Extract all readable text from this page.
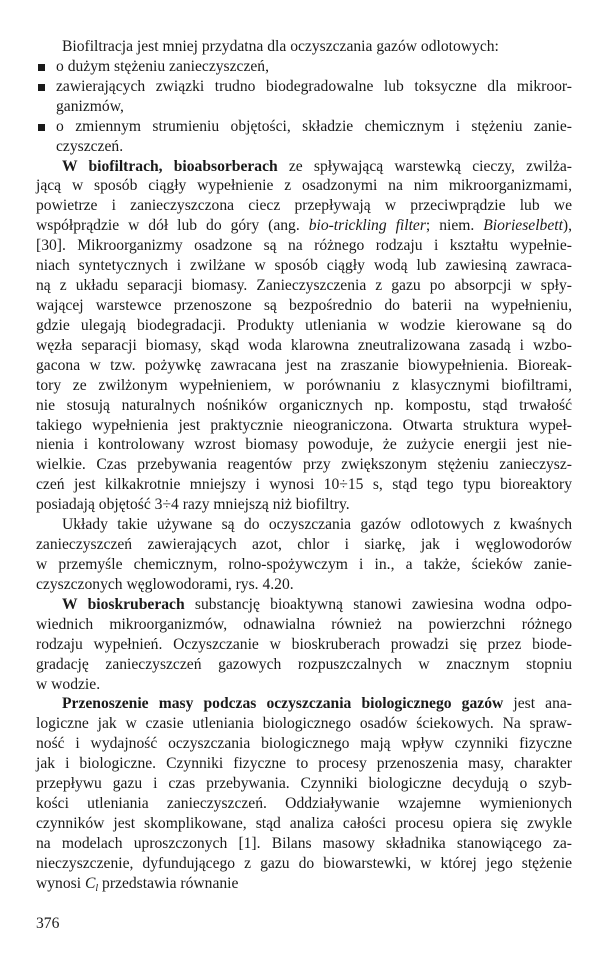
Biofiltracja jest mniej przydatna dla oczyszczania gazów odlotowych:
o dużym stężeniu zanieczyszczeń,
zawierających związki trudno biodegradowalne lub toksyczne dla mikroor-
ganizmów,
o zmiennym strumieniu objętości, składzie chemicznym i stężeniu zanie-
czyszczeń.
W biofiltrach, bioabsorberach ze spływającą warstewką cieczy, zwilża-
jącą w sposób ciągły wypełnienie z osadzonymi na nim mikroorganizmami,
powietrze i zanieczyszczona ciecz przepływają w przeciwprądzie lub we
współprądzie w dół lub do góry (ang. bio-trickling filter; niem. Biorieselbett),
[30]. Mikroorganizmy osadzone są na różnego rodzaju i kształtu wypełnie-
niach syntetycznych i zwilżane w sposób ciągły wodą lub zawiesiną zawraca-
ną z układu separacji biomasy. Zanieczyszczenia z gazu po absorpcji w spły-
wającej warstewce przenoszone są bezpośrednio do baterii na wypełnieniu,
gdzie ulegają biodegradacji. Produkty utleniania w wodzie kierowane są do
węzła separacji biomasy, skąd woda klarowna zneutralizowana zasadą i wzbo-
gacona w tzw. pożywkę zawracana jest na zraszanie biowypełnienia. Bioreak-
tory ze zwilżonym wypełnieniem, w porównaniu z klasycznymi biofiltrami,
nie stosują naturalnych nośników organicznych np. kompostu, stąd trwałość
takiego wypełnienia jest praktycznie nieograniczona. Otwarta struktura wypeł-
nienia i kontrolowany wzrost biomasy powoduje, że zużycie energii jest nie-
wielkie. Czas przebywania reagentów przy zwiększonym stężeniu zanieczysz-
czeń jest kilkakrotnie mniejszy i wynosi 10÷15 s, stąd tego typu bioreaktory
posiadają objętość 3÷4 razy mniejszą niż biofiltry.
Układy takie używane są do oczyszczania gazów odlotowych z kwaśnych
zanieczyszczeń zawierających azot, chlor i siarkę, jak i węglowodorów
w przemyśle chemicznym, rolno-spożywczym i in., a także, ścieków zanie-
czyszczonych węglowodorami, rys. 4.20.
W bioskruberach substancję bioaktywną stanowi zawiesina wodna odpo-
wiednich mikroorganizmów, odnawialna również na powierzchni różnego
rodzaju wypełnień. Oczyszczanie w bioskruberach prowadzi się przez biode-
gradację zanieczyszczeń gazowych rozpuszczalnych w znacznym stopniu
w wodzie.
Przenoszenie masy podczas oczyszczania biologicznego gazów jest ana-
logiczne jak w czasie utleniania biologicznego osadów ściekowych. Na spraw-
ność i wydajność oczyszczania biologicznego mają wpływ czynniki fizyczne
jak i biologiczne. Czynniki fizyczne to procesy przenoszenia masy, charakter
przepływu gazu i czas przebywania. Czynniki biologiczne decydują o szyb-
kości utleniania zanieczyszczeń. Oddziaływanie wzajemne wymienionych
czynników jest skomplikowane, stąd analiza całości procesu opiera się zwykle
na modelach uproszczonych [1]. Bilans masowy składnika stanowiącego za-
nieczyszczenie, dyfundującego z gazu do biowarstewki, w której jego stężenie
wynosi $C_l$ przedstawia równanie
376
